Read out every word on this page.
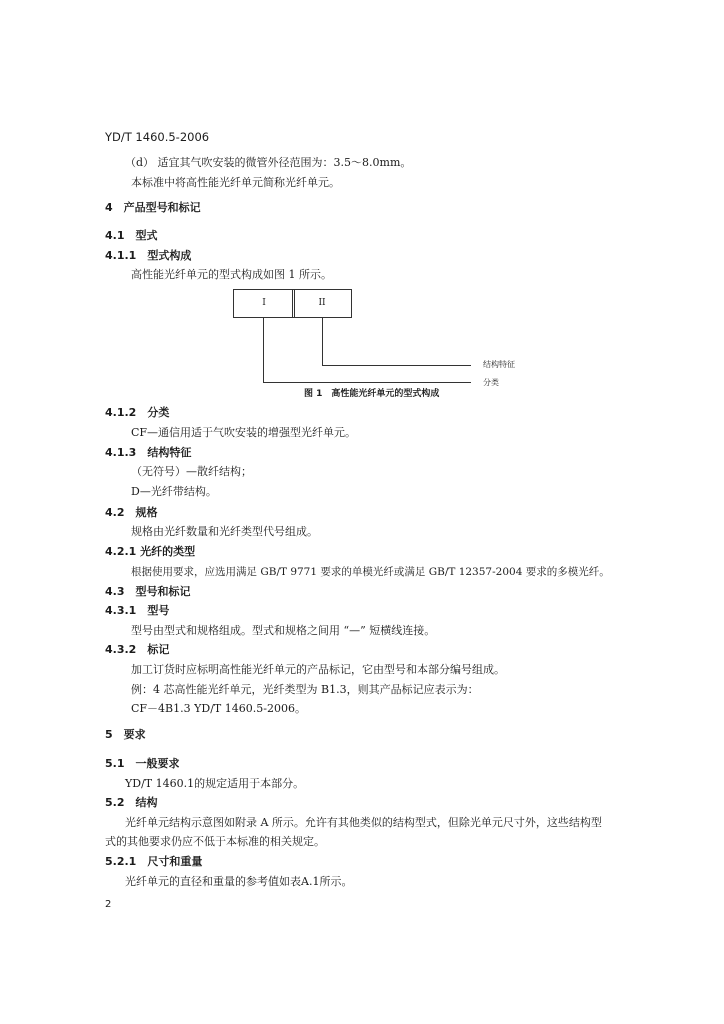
YD/T 1460.5-2006
（d） 适宜其气吹安装的微管外径范围为：3.5～8.0mm。
本标准中将高性能光纤单元简称光纤单元。
4　产品型号和标记
4.1　型式
4.1.1　型式构成
高性能光纤单元的型式构成如图 1 所示。
I	II
结构特征
分类
图 1　高性能光纤单元的型式构成
4.1.2　分类
CF—通信用适于气吹安装的增强型光纤单元。
4.1.3　结构特征
（无符号）—散纤结构；
D—光纤带结构。
4.2　规格
规格由光纤数量和光纤类型代号组成。
4.2.1 光纤的类型
根据使用要求，应选用满足 GB/T 9771 要求的单模光纤或满足 GB/T 12357-2004 要求的多模光纤。
4.3　型号和标记
4.3.1　型号
型号由型式和规格组成。型式和规格之间用 “—” 短横线连接。
4.3.2　标记
加工订货时应标明高性能光纤单元的产品标记，它由型号和本部分编号组成。
例：4 芯高性能光纤单元，光纤类型为 B1.3，则其产品标记应表示为：
CF－4B1.3 YD/T 1460.5-2006。
5　要求
5.1　一般要求
YD/T 1460.1的规定适用于本部分。
5.2　结构
光纤单元结构示意图如附录 A 所示。允许有其他类似的结构型式，但除光单元尺寸外，这些结构型
式的其他要求仍应不低于本标准的相关规定。
5.2.1　尺寸和重量
光纤单元的直径和重量的参考值如表A.1所示。
2
